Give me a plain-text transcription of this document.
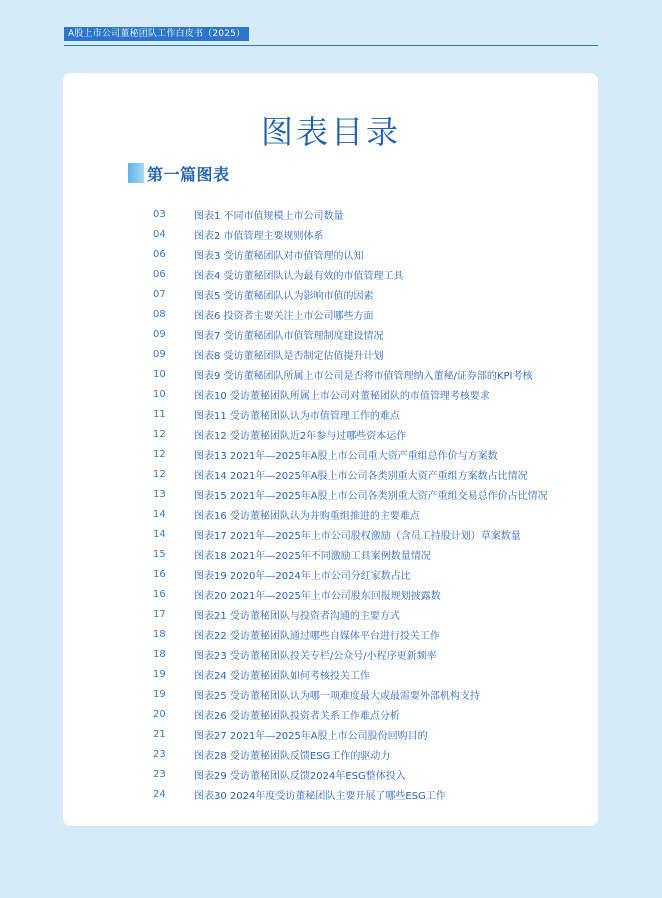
A股上市公司董秘团队工作白皮书（2025）
图表目录
第一篇图表
03	图表1 不同市值规模上市公司数量
04	图表2 市值管理主要规则体系
06	图表3 受访董秘团队对市值管理的认知
06	图表4 受访董秘团队认为最有效的市值管理工具
07	图表5 受访董秘团队认为影响市值的因素
08	图表6 投资者主要关注上市公司哪些方面
09	图表7 受访董秘团队市值管理制度建设情况
09	图表8 受访董秘团队是否制定估值提升计划
10	图表9 受访董秘团队所属上市公司是否将市值管理纳入董秘/证券部的KPI考核
10	图表10 受访董秘团队所属上市公司对董秘团队的市值管理考核要求
11	图表11 受访董秘团队认为市值管理工作的难点
12	图表12 受访董秘团队近2年参与过哪些资本运作
12	图表13 2021年—2025年A股上市公司重大资产重组总作价与方案数
12	图表14 2021年—2025年A股上市公司各类别重大资产重组方案数占比情况
13	图表15 2021年—2025年A股上市公司各类别重大资产重组交易总作价占比情况
14	图表16 受访董秘团队认为并购重组推进的主要难点
14	图表17 2021年—2025年上市公司股权激励（含员工持股计划）草案数量
15	图表18 2021年—2025年不同激励工具案例数量情况
16	图表19 2020年—2024年上市公司分红家数占比
16	图表20 2021年—2025年上市公司股东回报规划披露数
17	图表21 受访董秘团队与投资者沟通的主要方式
18	图表22 受访董秘团队通过哪些自媒体平台进行投关工作
18	图表23 受访董秘团队投关专栏/公众号/小程序更新频率
19	图表24 受访董秘团队如何考核投关工作
19	图表25 受访董秘团队认为哪一项难度最大或最需要外部机构支持
20	图表26 受访董秘团队投资者关系工作难点分析
21	图表27 2021年—2025年A股上市公司股份回购目的
23	图表28 受访董秘团队反馈ESG工作的驱动力
23	图表29 受访董秘团队反馈2024年ESG整体投入
24	图表30 2024年度受访董秘团队主要开展了哪些ESG工作
